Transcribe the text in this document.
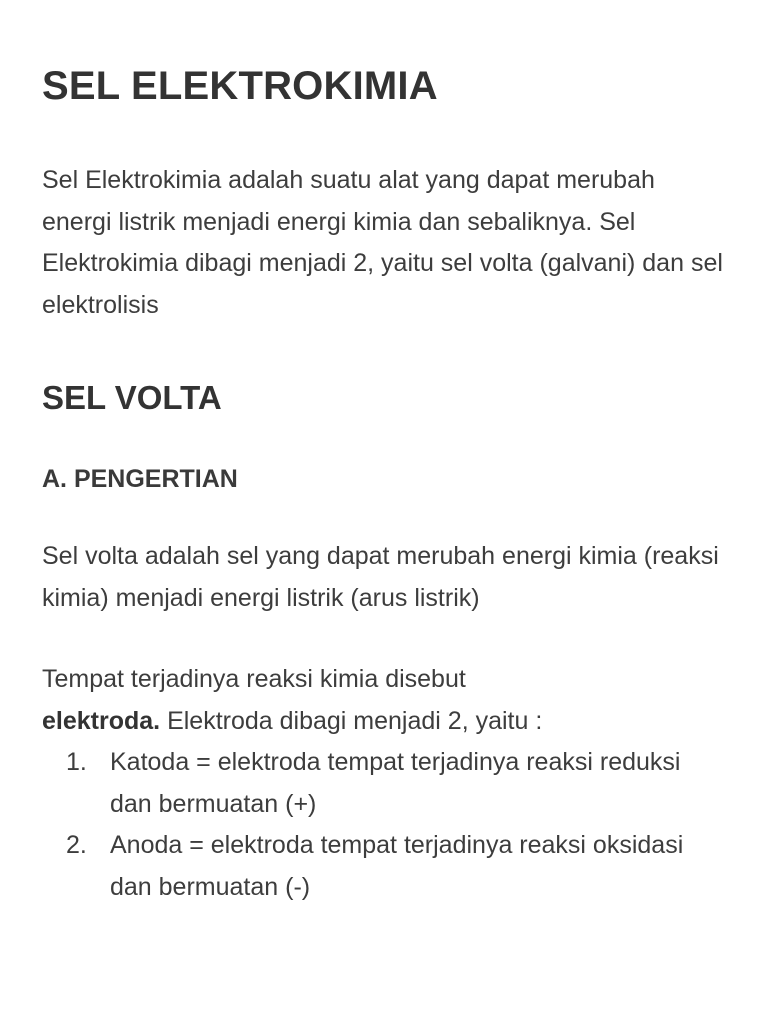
SEL ELEKTROKIMIA

Sel Elektrokimia adalah suatu alat yang dapat merubah energi listrik menjadi energi kimia dan sebaliknya. Sel Elektrokimia dibagi menjadi 2, yaitu sel volta (galvani) dan sel elektrolisis

SEL VOLTA
A. PENGERTIAN

Sel volta adalah sel yang dapat merubah energi kimia (reaksi kimia) menjadi energi listrik (arus listrik)

Tempat terjadinya reaksi kimia disebut
elektroda. Elektroda dibagi menjadi 2, yaitu :

1. Katoda = elektroda tempat terjadinya reaksi reduksi dan bermuatan (+)
2. Anoda = elektroda tempat terjadinya reaksi oksidasi dan bermuatan (-)
